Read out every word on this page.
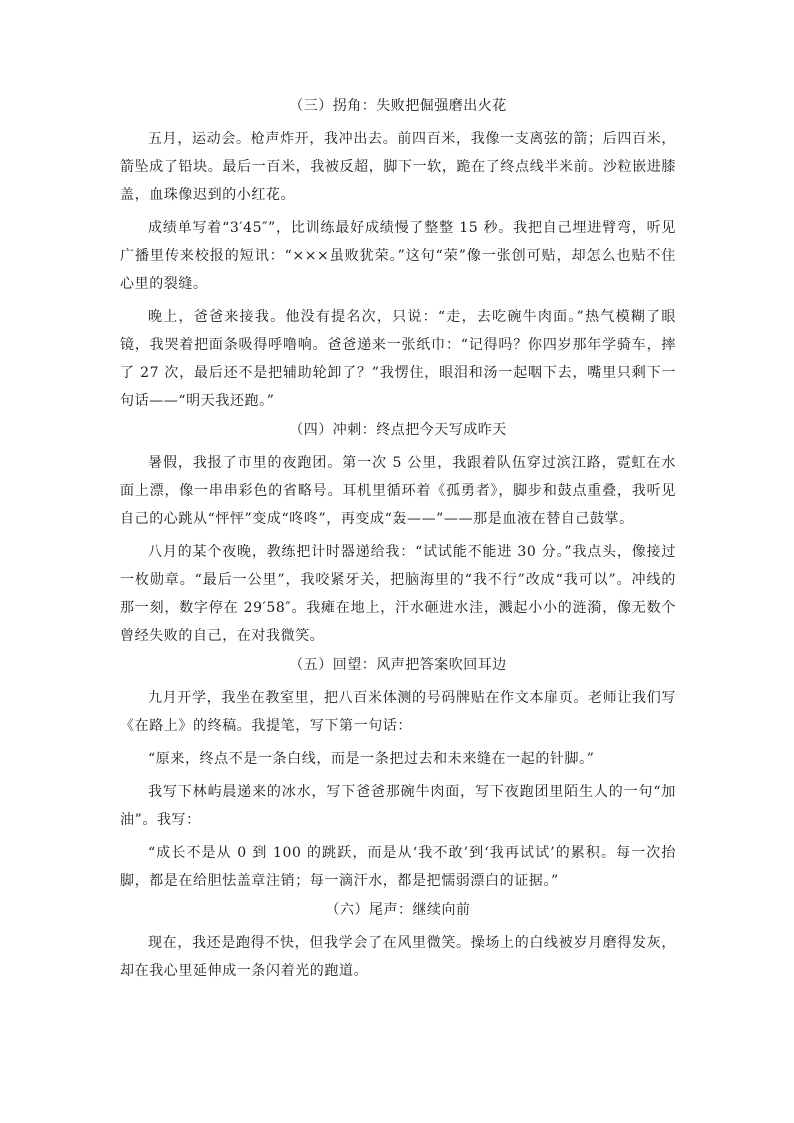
（三）拐角：失败把倔强磨出火花

五月，运动会。枪声炸开，我冲出去。前四百米，我像一支离弦的箭；后四百米，箭坠成了铅块。最后一百米，我被反超，脚下一软，跪在了终点线半米前。沙粒嵌进膝盖，血珠像迟到的小红花。

成绩单写着“3′45″”，比训练最好成绩慢了整整 15 秒。我把自己埋进臂弯，听见广播里传来校报的短讯：“×××虽败犹荣。”这句“荣”像一张创可贴，却怎么也贴不住心里的裂缝。

晚上，爸爸来接我。他没有提名次，只说：“走，去吃碗牛肉面。”热气模糊了眼镜，我哭着把面条吸得呼噜响。爸爸递来一张纸巾：“记得吗？你四岁那年学骑车，摔了 27 次，最后还不是把辅助轮卸了？”我愣住，眼泪和汤一起咽下去，嘴里只剩下一句话——“明天我还跑。”

（四）冲刺：终点把今天写成昨天

暑假，我报了市里的夜跑团。第一次 5 公里，我跟着队伍穿过滨江路，霓虹在水面上漂，像一串串彩色的省略号。耳机里循环着《孤勇者》，脚步和鼓点重叠，我听见自己的心跳从“怦怦”变成“咚咚”，再变成“轰——”——那是血液在替自己鼓掌。

八月的某个夜晚，教练把计时器递给我：“试试能不能进 30 分。”我点头，像接过一枚勋章。“最后一公里”，我咬紧牙关，把脑海里的“我不行”改成“我可以”。冲线的那一刻，数字停在 29′58″。我瘫在地上，汗水砸进水洼，溅起小小的涟漪，像无数个曾经失败的自己，在对我微笑。

（五）回望：风声把答案吹回耳边

九月开学，我坐在教室里，把八百米体测的号码牌贴在作文本扉页。老师让我们写《在路上》的终稿。我提笔，写下第一句话：

“原来，终点不是一条白线，而是一条把过去和未来缝在一起的针脚。”

我写下林屿晨递来的冰水，写下爸爸那碗牛肉面，写下夜跑团里陌生人的一句“加油”。我写：

“成长不是从 0 到 100 的跳跃，而是从‘我不敢’到‘我再试试’的累积。每一次抬脚，都是在给胆怯盖章注销；每一滴汗水，都是把懦弱漂白的证据。”

（六）尾声：继续向前

现在，我还是跑得不快，但我学会了在风里微笑。操场上的白线被岁月磨得发灰，却在我心里延伸成一条闪着光的跑道。
